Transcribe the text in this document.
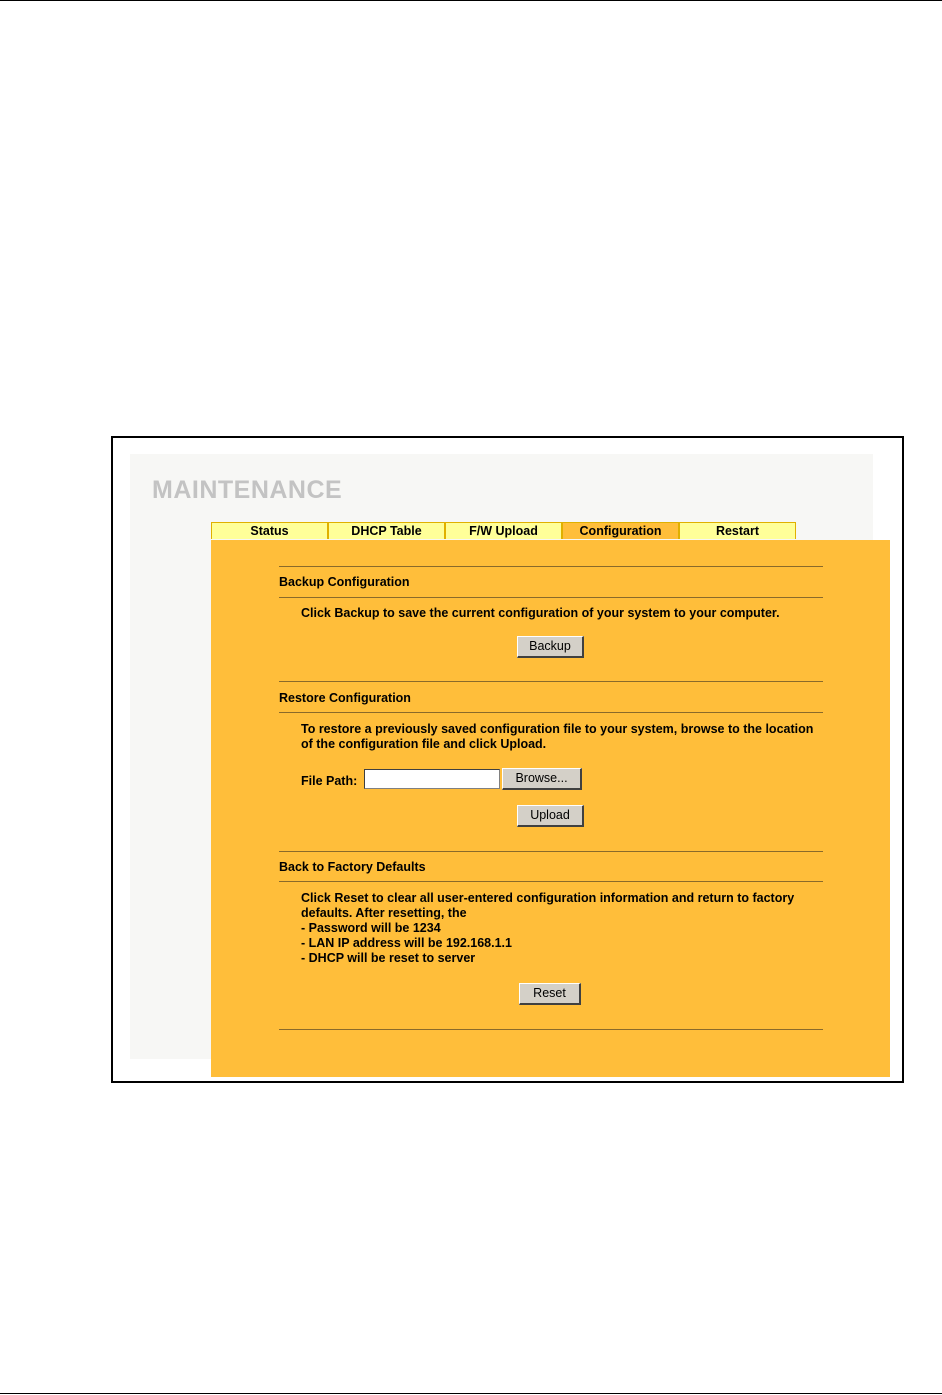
MAINTENANCE
Status	DHCP Table	F/W Upload	Configuration	Restart
Backup Configuration
Click Backup to save the current configuration of your system to your computer.
Backup
Restore Configuration
To restore a previously saved configuration file to your system, browse to the location of the configuration file and click Upload.
File Path:	Browse...
Upload
Back to Factory Defaults
Click Reset to clear all user-entered configuration information and return to factory defaults. After resetting, the
- Password will be 1234
- LAN IP address will be 192.168.1.1
- DHCP will be reset to server
Reset
